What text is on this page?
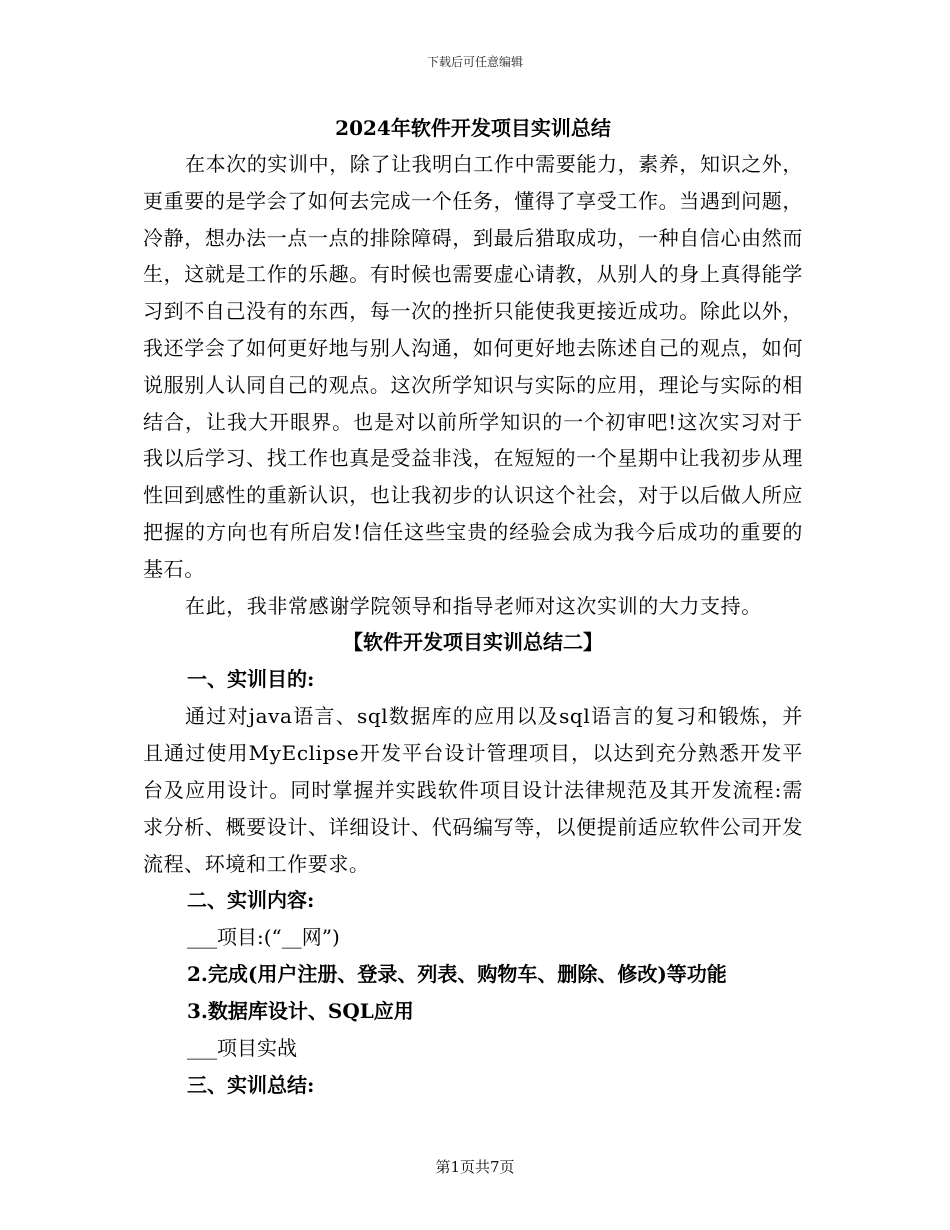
下载后可任意编辑

2024年软件开发项目实训总结

在本次的实训中，除了让我明白工作中需要能力，素养，知识之外，更重要的是学会了如何去完成一个任务，懂得了享受工作。当遇到问题，冷静，想办法一点一点的排除障碍，到最后猎取成功，一种自信心由然而生，这就是工作的乐趣。有时候也需要虚心请教，从别人的身上真得能学习到不自己没有的东西，每一次的挫折只能使我更接近成功。除此以外，我还学会了如何更好地与别人沟通，如何更好地去陈述自己的观点，如何说服别人认同自己的观点。这次所学知识与实际的应用，理论与实际的相结合，让我大开眼界。也是对以前所学知识的一个初审吧!这次实习对于我以后学习、找工作也真是受益非浅，在短短的一个星期中让我初步从理性回到感性的重新认识，也让我初步的认识这个社会，对于以后做人所应把握的方向也有所启发!信任这些宝贵的经验会成为我今后成功的重要的基石。

在此，我非常感谢学院领导和指导老师对这次实训的大力支持。

【软件开发项目实训总结二】

一、实训目的:

通过对java语言、sql数据库的应用以及sql语言的复习和锻炼，并且通过使用MyEclipse开发平台设计管理项目，以达到充分熟悉开发平台及应用设计。同时掌握并实践软件项目设计法律规范及其开发流程:需求分析、概要设计、详细设计、代码编写等，以便提前适应软件公司开发流程、环境和工作要求。

二、实训内容:

___项目:(“__网”)

2.完成(用户注册、登录、列表、购物车、删除、修改)等功能

3.数据库设计、SQL应用

___项目实战

三、实训总结:

第1页共7页
